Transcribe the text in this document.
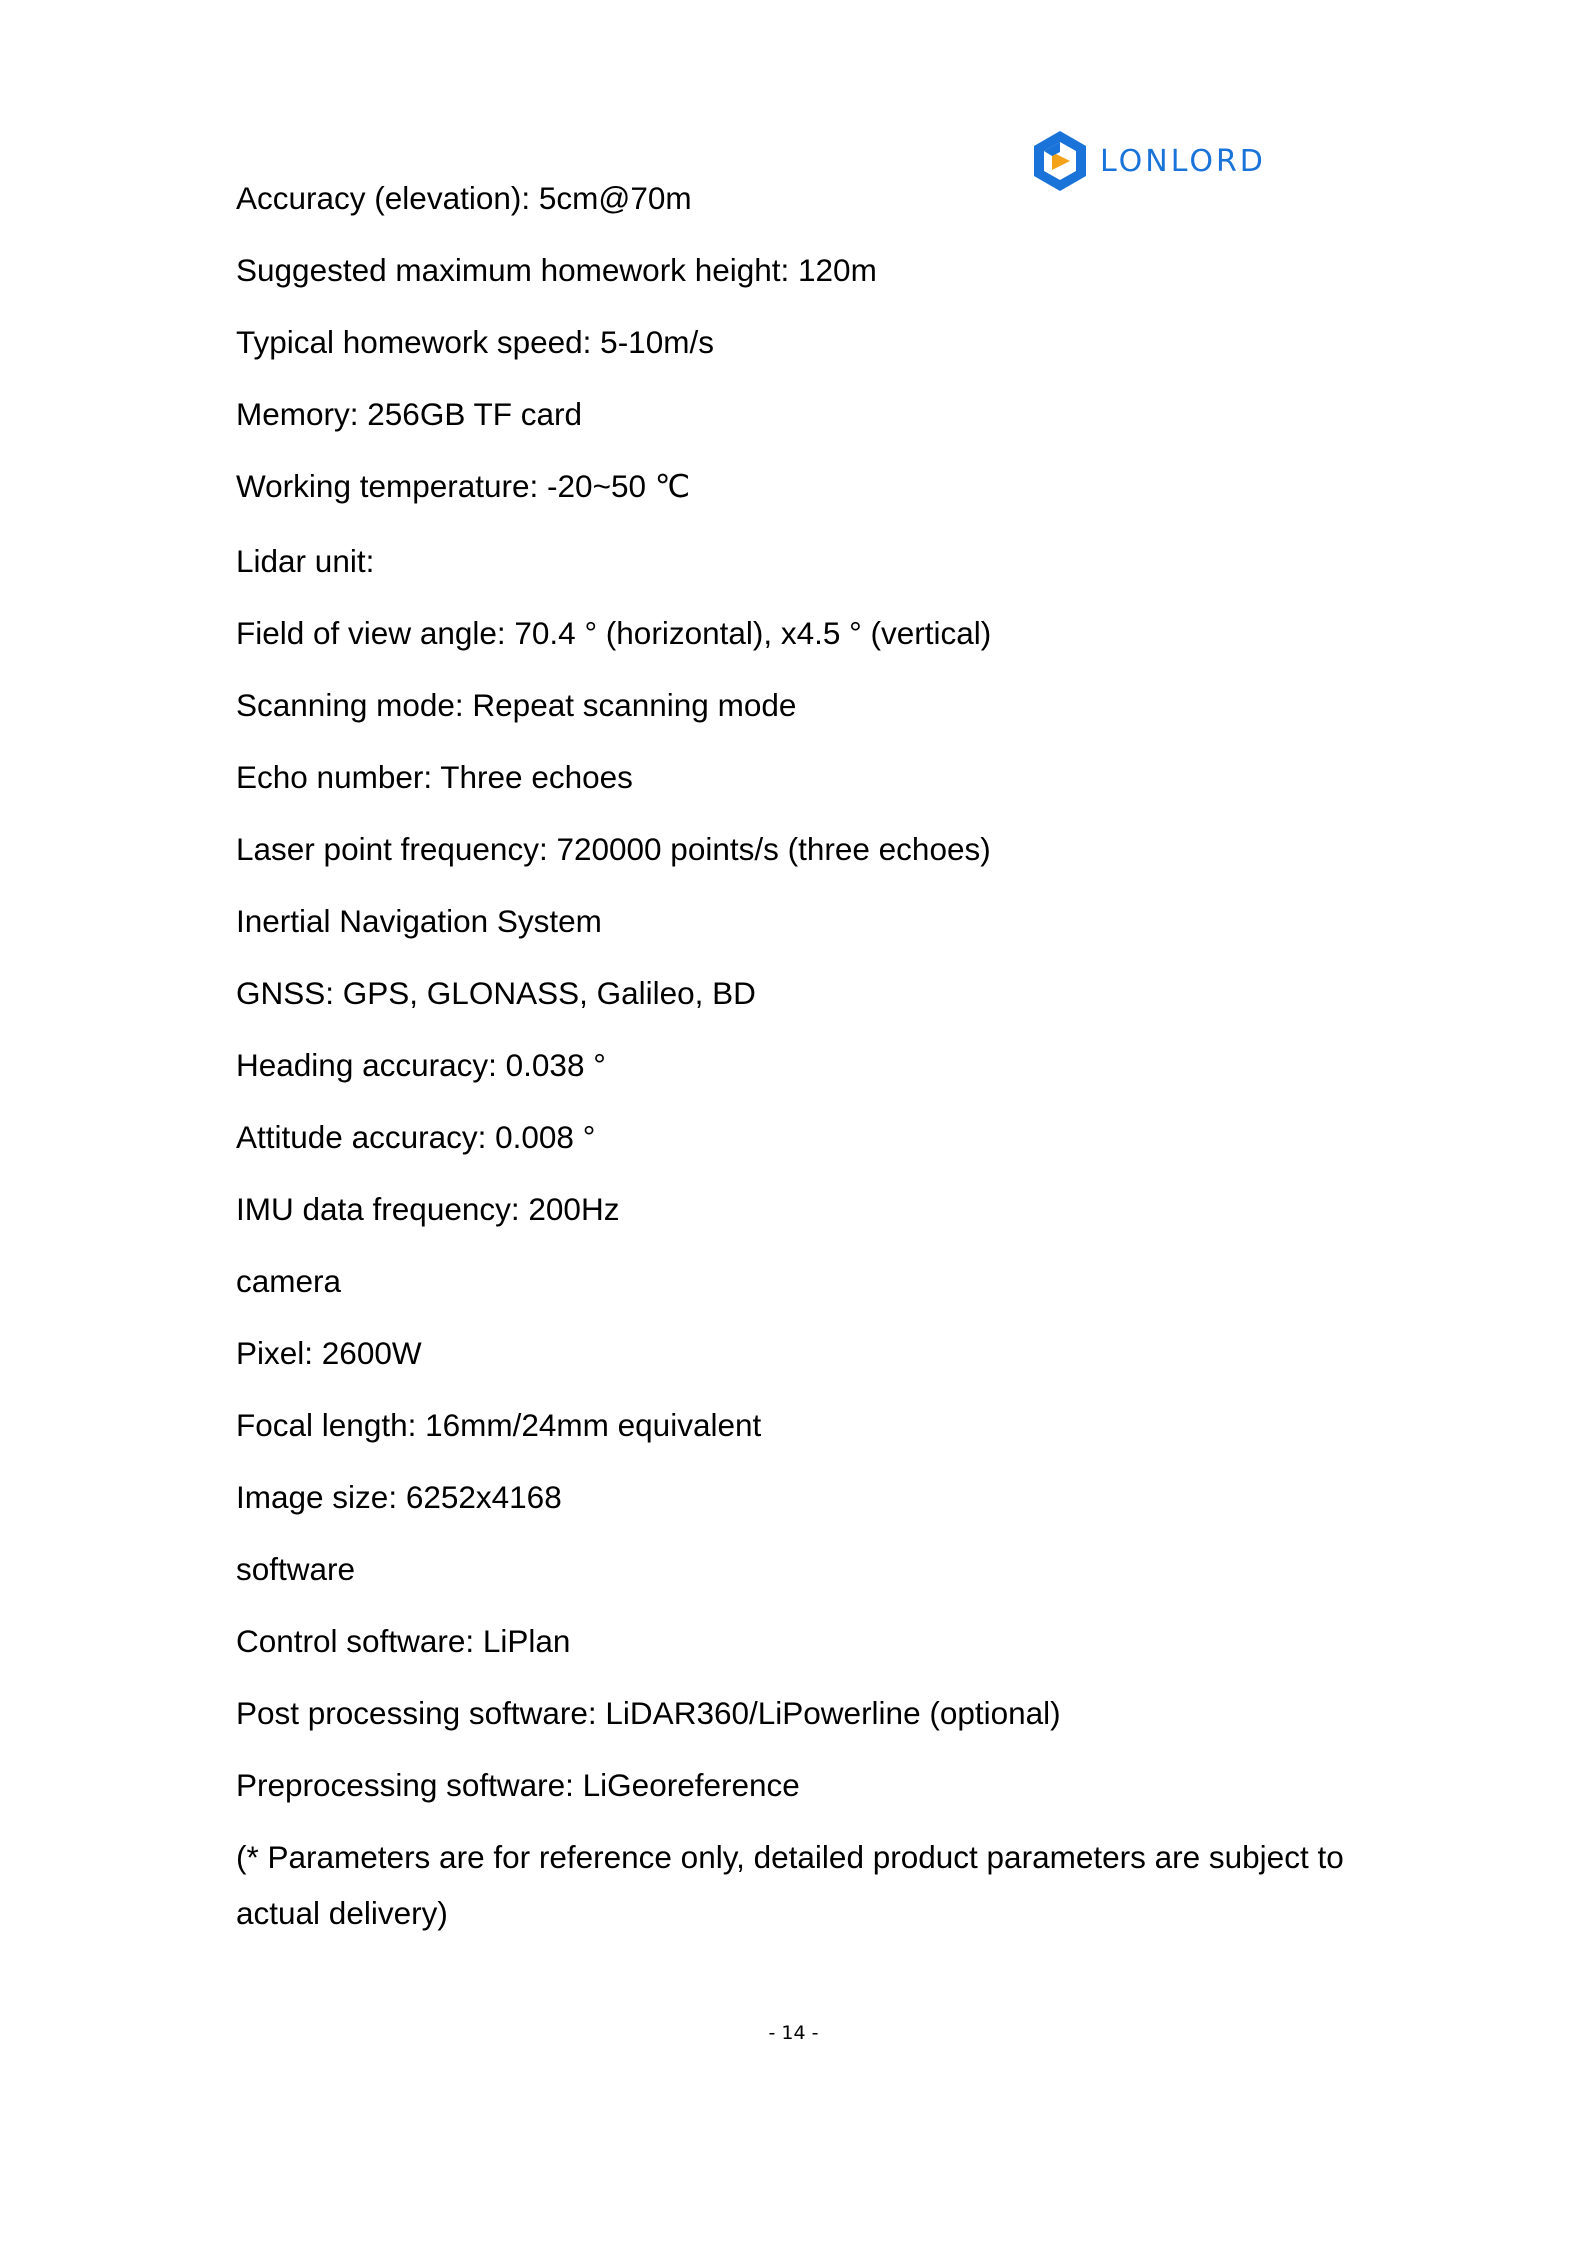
LONLORD
Accuracy (elevation): 5cm@70m
Suggested maximum homework height: 120m
Typical homework speed: 5-10m/s
Memory: 256GB TF card
Working temperature: -20~50 ℃
Lidar unit:
Field of view angle: 70.4 ° (horizontal), x4.5 ° (vertical)
Scanning mode: Repeat scanning mode
Echo number: Three echoes
Laser point frequency: 720000 points/s (three echoes)
Inertial Navigation System
GNSS: GPS, GLONASS, Galileo, BD
Heading accuracy: 0.038 °
Attitude accuracy: 0.008 °
IMU data frequency: 200Hz
camera
Pixel: 2600W
Focal length: 16mm/24mm equivalent
Image size: 6252x4168
software
Control software: LiPlan
Post processing software: LiDAR360/LiPowerline (optional)
Preprocessing software: LiGeoreference
(* Parameters are for reference only, detailed product parameters are subject to actual delivery)
- 14 -
